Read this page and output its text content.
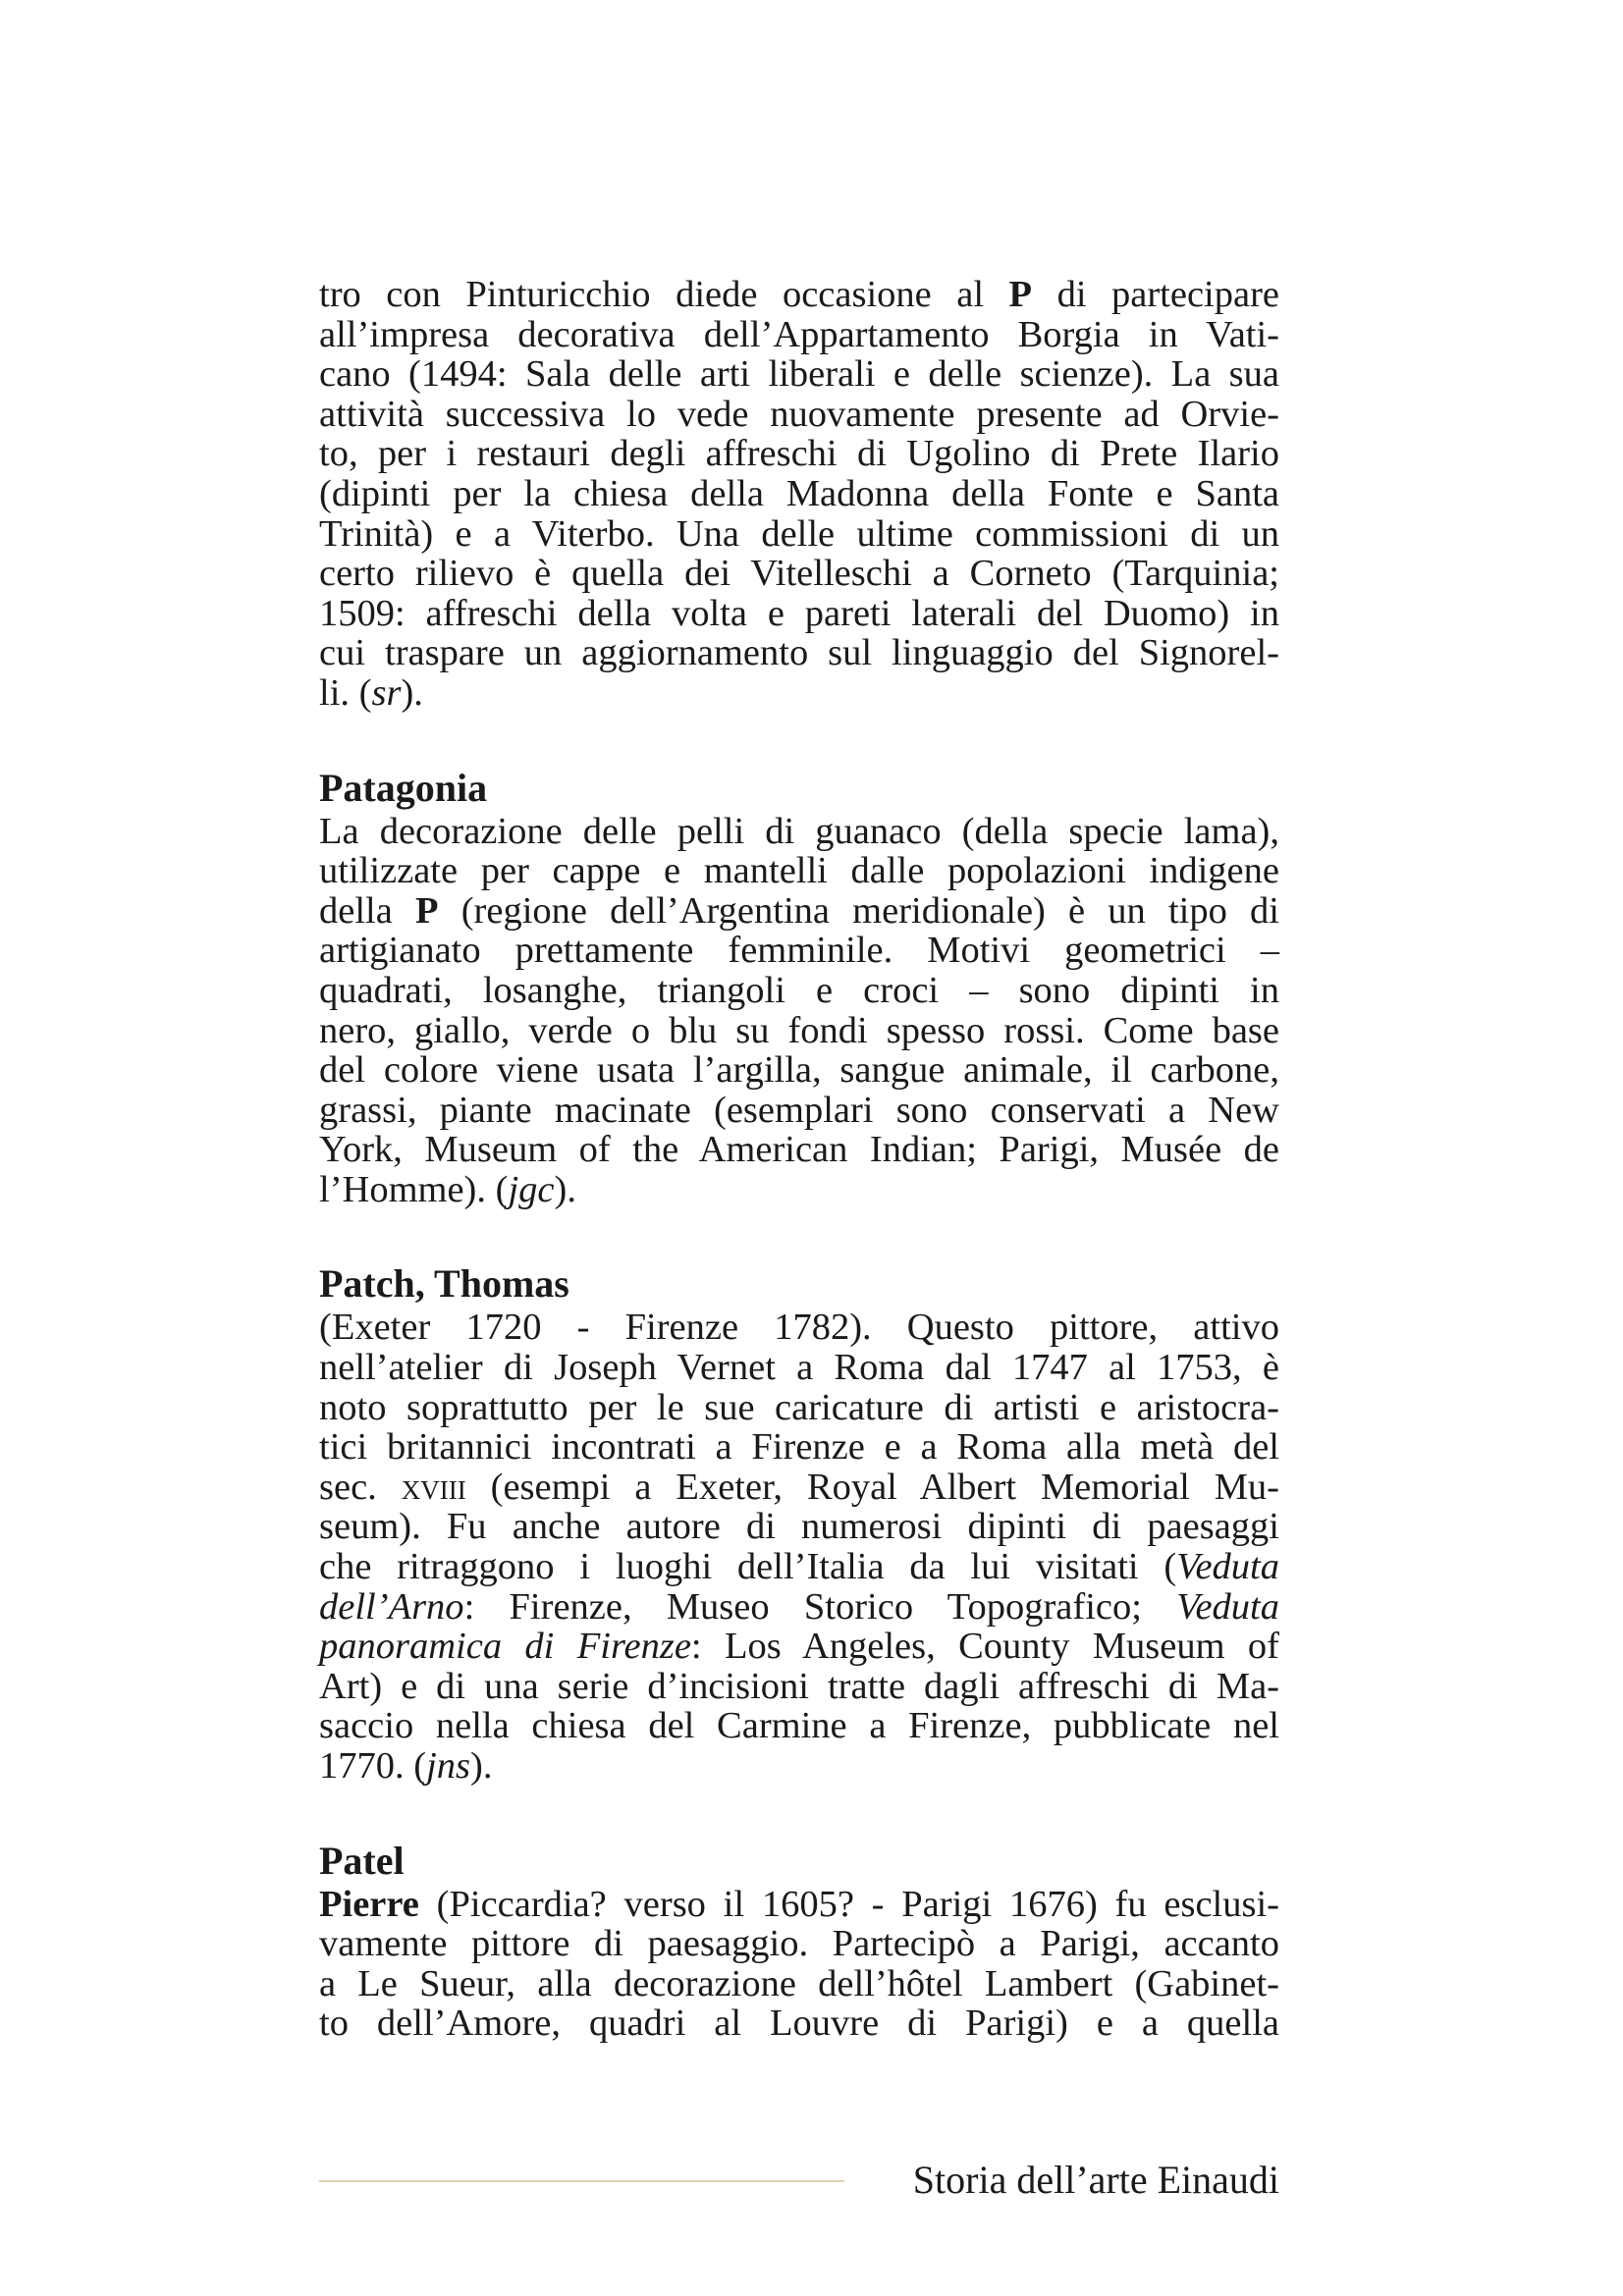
tro con Pinturicchio diede occasione al P di partecipare
all’impresa decorativa dell’Appartamento Borgia in Vati-
cano (1494: Sala delle arti liberali e delle scienze). La sua
attività successiva lo vede nuovamente presente ad Orvie-
to, per i restauri degli affreschi di Ugolino di Prete Ilario
(dipinti per la chiesa della Madonna della Fonte e Santa
Trinità) e a Viterbo. Una delle ultime commissioni di un
certo rilievo è quella dei Vitelleschi a Corneto (Tarquinia;
1509: affreschi della volta e pareti laterali del Duomo) in
cui traspare un aggiornamento sul linguaggio del Signorel-
li. (sr).
Patagonia
La decorazione delle pelli di guanaco (della specie lama),
utilizzate per cappe e mantelli dalle popolazioni indigene
della P (regione dell’Argentina meridionale) è un tipo di
artigianato prettamente femminile. Motivi geometrici –
quadrati, losanghe, triangoli e croci – sono dipinti in
nero, giallo, verde o blu su fondi spesso rossi. Come base
del colore viene usata l’argilla, sangue animale, il carbone,
grassi, piante macinate (esemplari sono conservati a New
York, Museum of the American Indian; Parigi, Musée de
l’Homme). (jgc).
Patch, Thomas
(Exeter 1720 - Firenze 1782). Questo pittore, attivo
nell’atelier di Joseph Vernet a Roma dal 1747 al 1753, è
noto soprattutto per le sue caricature di artisti e aristocra-
tici britannici incontrati a Firenze e a Roma alla metà del
sec. xviii (esempi a Exeter, Royal Albert Memorial Mu-
seum). Fu anche autore di numerosi dipinti di paesaggi
che ritraggono i luoghi dell’Italia da lui visitati (Veduta
dell’Arno: Firenze, Museo Storico Topografico; Veduta
panoramica di Firenze: Los Angeles, County Museum of
Art) e di una serie d’incisioni tratte dagli affreschi di Ma-
saccio nella chiesa del Carmine a Firenze, pubblicate nel
1770. (jns).
Patel
Pierre (Piccardia? verso il 1605? - Parigi 1676) fu esclusi-
vamente pittore di paesaggio. Partecipò a Parigi, accanto
a Le Sueur, alla decorazione dell’hôtel Lambert (Gabinet-
to dell’Amore, quadri al Louvre di Parigi) e a quella
Storia dell’arte Einaudi
